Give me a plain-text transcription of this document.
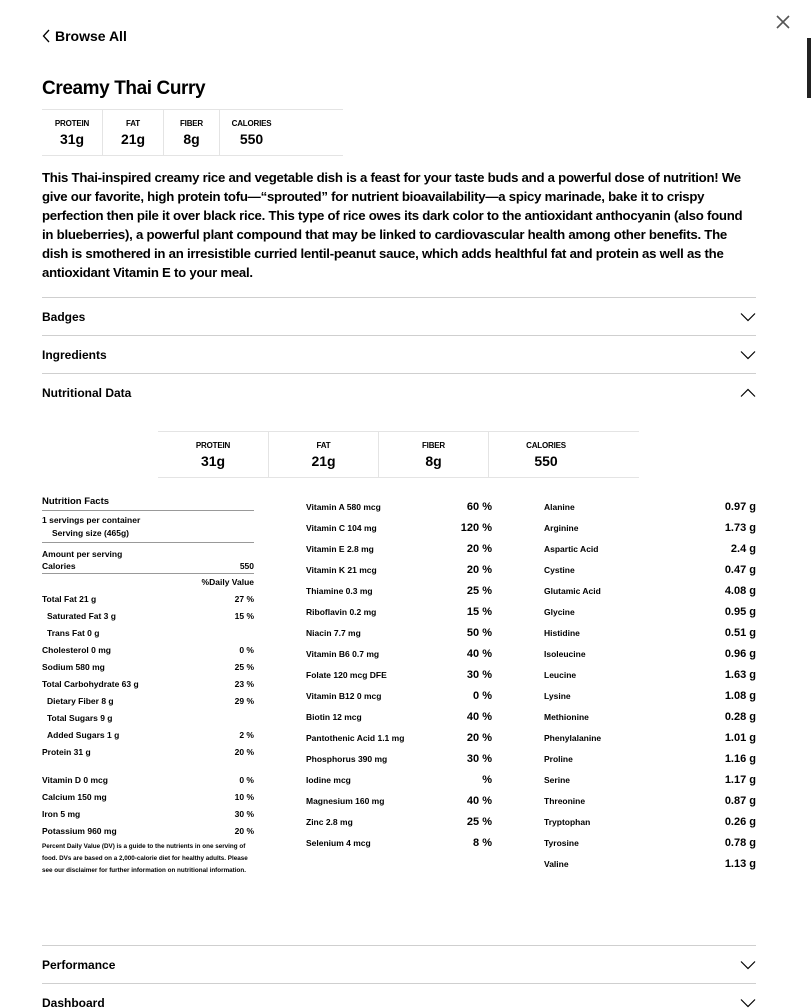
Browse All
Creamy Thai Curry
PROTEIN
31g
FAT
21g
FIBER
8g
CALORIES
550
This Thai-inspired creamy rice and vegetable dish is a feast for your taste buds and a powerful dose of nutrition! We give our favorite, high protein tofu—“sprouted” for nutrient bioavailability—a spicy marinade, bake it to crispy perfection then pile it over black rice. This type of rice owes its dark color to the antioxidant anthocyanin (also found in blueberries), a powerful plant compound that may be linked to cardiovascular health among other benefits. The dish is smothered in an irresistible curried lentil-peanut sauce, which adds healthful fat and protein as well as the antioxidant Vitamin E to your meal.
Badges
Ingredients
Nutritional Data
PROTEIN
31g
FAT
21g
FIBER
8g
CALORIES
550
Nutrition Facts
1 servings per container
Serving size (465g)
Amount per serving
Calories	550
%Daily Value
Total Fat 21 g	27 %
Saturated Fat 3 g	15 %
Trans Fat 0 g
Cholesterol 0 mg	0 %
Sodium 580 mg	25 %
Total Carbohydrate 63 g	23 %
Dietary Fiber 8 g	29 %
Total Sugars 9 g
Added Sugars 1 g	2 %
Protein 31 g	20 %
Vitamin D 0 mcg	0 %
Calcium 150 mg	10 %
Iron 5 mg	30 %
Potassium 960 mg	20 %
Percent Daily Value (DV) is a guide to the nutrients in one serving of food. DVs are based on a 2,000-calorie diet for healthy adults. Please see our disclaimer for further information on nutritional information.
Vitamin A 580 mcg	60 %
Vitamin C 104 mg	120 %
Vitamin E 2.8 mg	20 %
Vitamin K 21 mcg	20 %
Thiamine 0.3 mg	25 %
Riboflavin 0.2 mg	15 %
Niacin 7.7 mg	50 %
Vitamin B6 0.7 mg	40 %
Folate 120 mcg DFE	30 %
Vitamin B12 0 mcg	0 %
Biotin 12 mcg	40 %
Pantothenic Acid 1.1 mg	20 %
Phosphorus 390 mg	30 %
Iodine mcg	%
Magnesium 160 mg	40 %
Zinc 2.8 mg	25 %
Selenium 4 mcg	8 %
Alanine	0.97 g
Arginine	1.73 g
Aspartic Acid	2.4 g
Cystine	0.47 g
Glutamic Acid	4.08 g
Glycine	0.95 g
Histidine	0.51 g
Isoleucine	0.96 g
Leucine	1.63 g
Lysine	1.08 g
Methionine	0.28 g
Phenylalanine	1.01 g
Proline	1.16 g
Serine	1.17 g
Threonine	0.87 g
Tryptophan	0.26 g
Tyrosine	0.78 g
Valine	1.13 g
Performance
Dashboard
